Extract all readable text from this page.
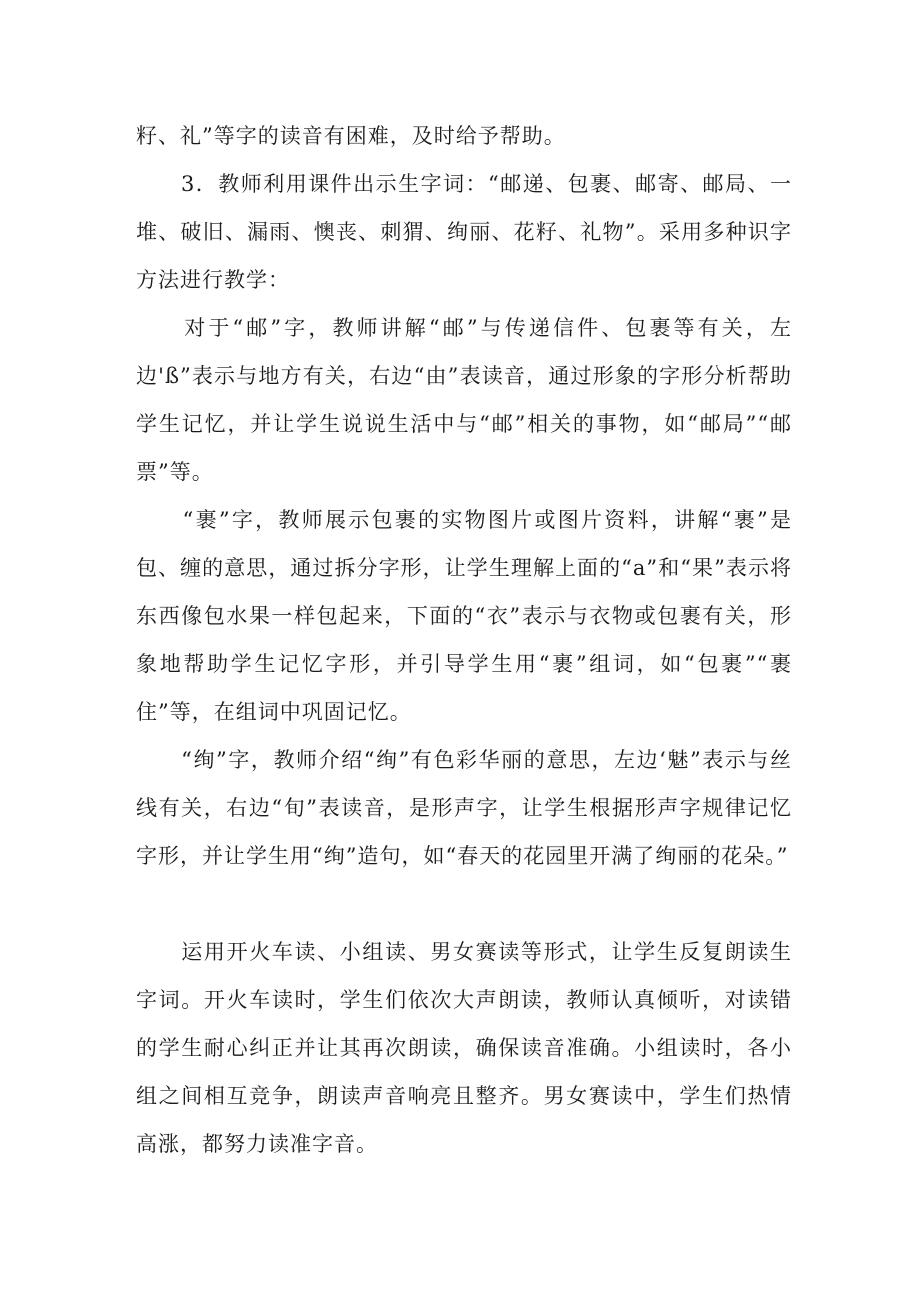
籽、礼”等字的读音有困难，及时给予帮助。

　　3．教师利用课件出示生字词：“邮递、包裹、邮寄、邮局、一堆、破旧、漏雨、懊丧、刺猬、绚丽、花籽、礼物”。采用多种识字方法进行教学：

　　对于“邮”字，教师讲解“邮”与传递信件、包裹等有关，左边'ß”表示与地方有关，右边“由”表读音，通过形象的字形分析帮助学生记忆，并让学生说说生活中与“邮”相关的事物，如“邮局”“邮票”等。

　　“裹”字，教师展示包裹的实物图片或图片资料，讲解“裹”是包、缠的意思，通过拆分字形，让学生理解上面的“a”和“果”表示将东西像包水果一样包起来，下面的“衣”表示与衣物或包裹有关，形象地帮助学生记忆字形，并引导学生用“裹”组词，如“包裹”“裹住”等，在组词中巩固记忆。

　　“绚”字，教师介绍“绚”有色彩华丽的意思，左边‘魅”表示与丝线有关，右边“旬”表读音，是形声字，让学生根据形声字规律记忆字形，并让学生用“绚”造句，如“春天的花园里开满了绚丽的花朵。”

　　运用开火车读、小组读、男女赛读等形式，让学生反复朗读生字词。开火车读时，学生们依次大声朗读，教师认真倾听，对读错的学生耐心纠正并让其再次朗读，确保读音准确。小组读时，各小组之间相互竞争，朗读声音响亮且整齐。男女赛读中，学生们热情高涨，都努力读准字音。
